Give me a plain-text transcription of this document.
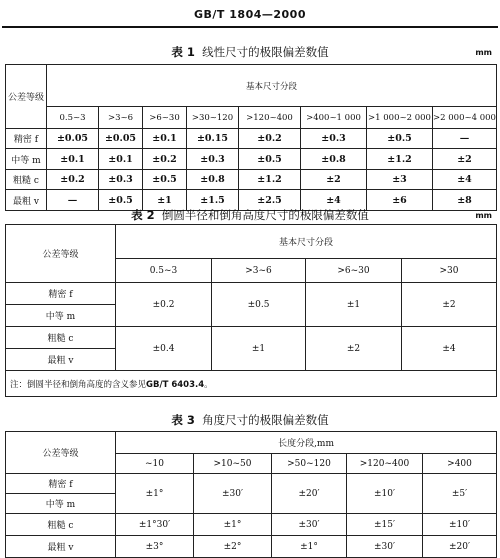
GB/T 1804—2000
表 1 线性尺寸的极限偏差数值	mm
公差等级	基本尺寸分段							
	0.5~3	>3~6	>6~30	>30~120	>120~400	>400~1 000	>1 000~2 000	>2 000~4 000
精密 f	±0.05	±0.05	±0.1	±0.15	±0.2	±0.3	±0.5	—
中等 m	±0.1	±0.1	±0.2	±0.3	±0.5	±0.8	±1.2	±2
粗糙 c	±0.2	±0.3	±0.5	±0.8	±1.2	±2	±3	±4
最粗 v	—	±0.5	±1	±1.5	±2.5	±4	±6	±8
表 2 倒圆半径和倒角高度尺寸的极限偏差数值	mm
公差等级	基本尺寸分段			
	0.5~3	>3~6	>6~30	>30
精密 f	±0.2	±0.5	±1	±2
中等 m				
粗糙 c	±0.4	±1	±2	±4
最粗 v				
注：倒圆半径和倒角高度的含义参见GB/T 6403.4。				
表 3 角度尺寸的极限偏差数值
公差等级	长度分段,mm				
	~10	>10~50	>50~120	>120~400	>400
精密 f	±1°	±30′	±20′	±10′	±5′
中等 m					
粗糙 c	±1°30′	±1°	±30′	±15′	±10′
最粗 v	±3°	±2°	±1°	±30′	±20′
